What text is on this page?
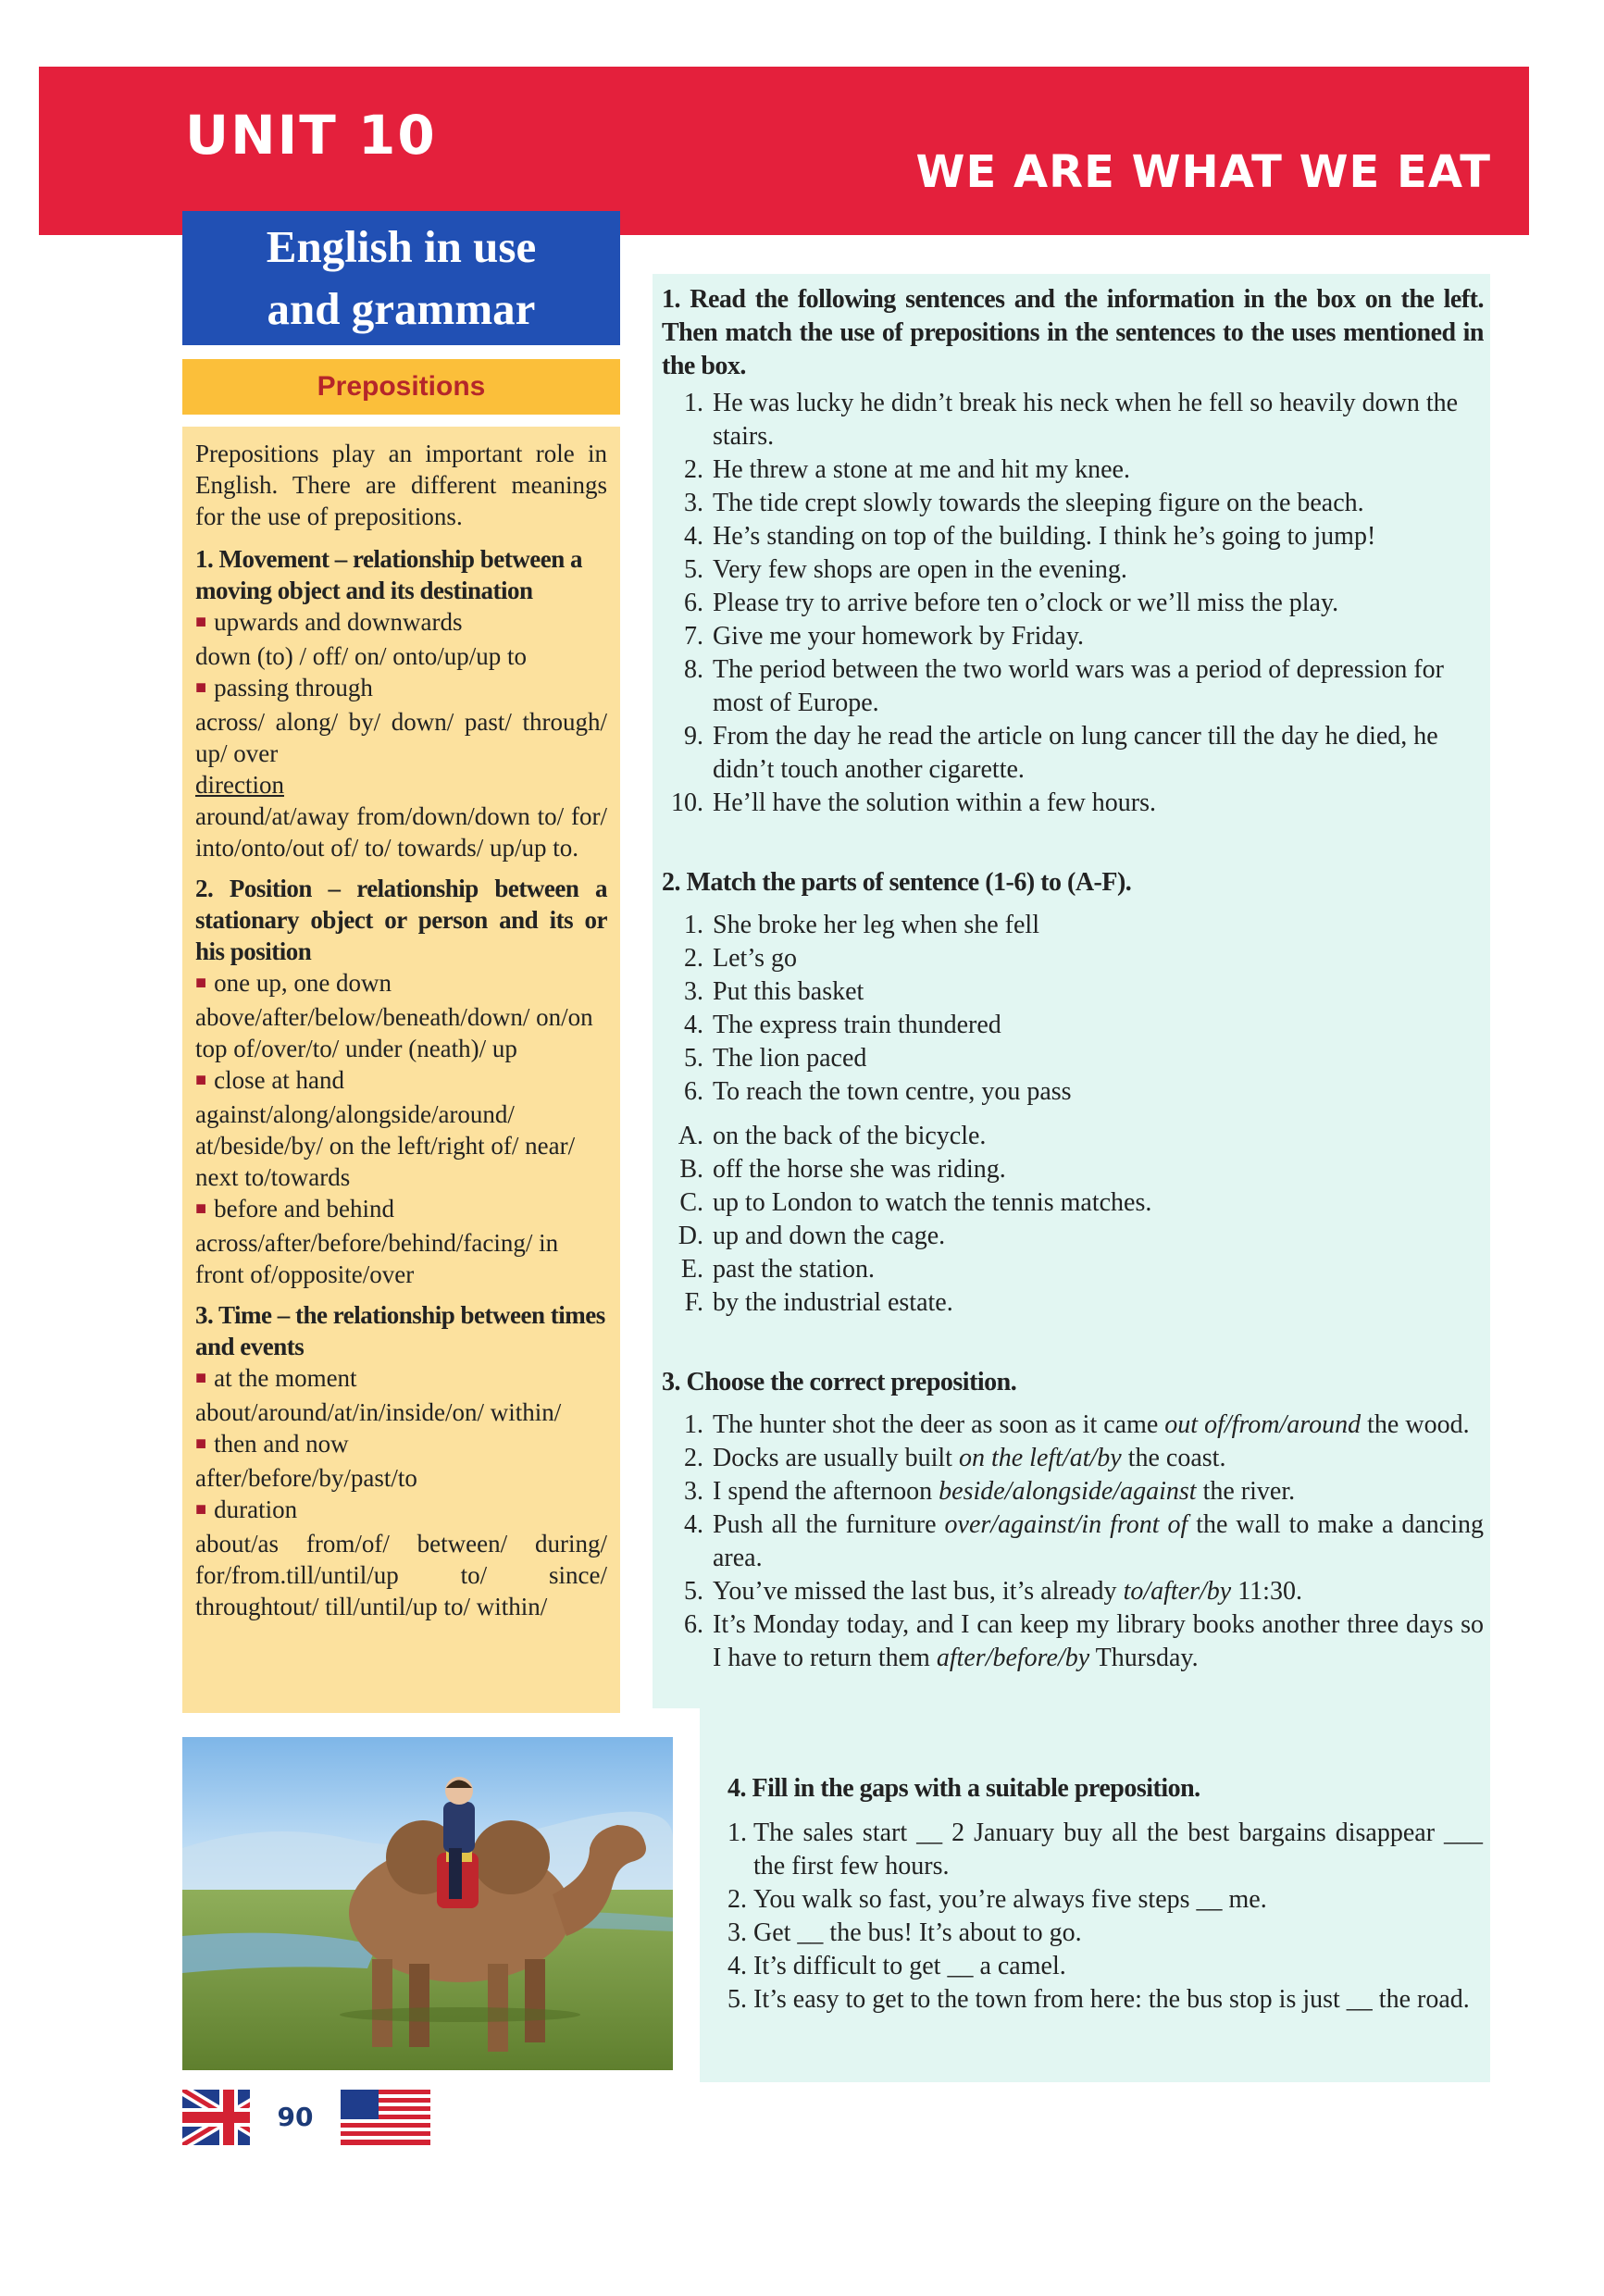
UNIT 10
WE ARE WHAT WE EAT
English in use
and grammar
Prepositions

Prepositions play an important role in English. There are different meanings for the use of prepositions.

1. Movement – relationship between a moving object and its destination

■ upwards and downwards

down (to) / off/ on/ onto/up/up to

■ passing through

across/ along/ by/ down/ past/ through/ up/ over

direction

around/at/away from/down/down to/ for/ into/onto/out of/ to/ towards/ up/up to.

2. Position – relationship between a stationary object or person and its or his position

■ one up, one down

above/after/below/beneath/down/ on/on top of/over/to/ under (neath)/ up

■ close at hand

against/along/alongside/around/ at/beside/by/ on the left/right of/ near/ next to/towards

■ before and behind

across/after/before/behind/facing/ in front of/opposite/over

3. Time – the relationship between times and events

■ at the moment

about/around/at/in/inside/on/ within/

■ then and now

after/before/by/past/to

■ duration

about/as from/of/ between/ during/ for/from.till/until/up to/ since/ throughtout/ till/until/up to/ within/

90

1. Read the following sentences and the information in the box on the left. Then match the use of prepositions in the sentences to the uses mentioned in the box.

1. He was lucky he didn’t break his neck when he fell so heavily down the stairs.
2. He threw a stone at me and hit my knee.
3. The tide crept slowly towards the sleeping figure on the beach.
4. He’s standing on top of the building. I think he’s going to jump!
5. Very few shops are open in the evening.
6. Please try to arrive before ten o’clock or we’ll miss the play.
7. Give me your homework by Friday.
8. The period between the two world wars was a period of depression for most of Europe.
9. From the day he read the article on lung cancer till the day he died, he didn’t touch another cigarette.
10. He’ll have the solution within a few hours.

2. Match the parts of sentence (1-6) to (A-F).

1. She broke her leg when she fell
2. Let’s go
3. Put this basket
4. The express train thundered
5. The lion paced
6. To reach the town centre, you pass
A. on the back of the bicycle.
B. off the horse she was riding.
C. up to London to watch the tennis matches.
D. up and down the cage.
E. past the station.
F. by the industrial estate.

3. Choose the correct preposition.

1. The hunter shot the deer as soon as it came out of/from/around the wood.
2. Docks are usually built on the left/at/by the coast.
3. I spend the afternoon beside/alongside/against the river.
4. Push all the furniture over/against/in front of the wall to make a dancing area.
5. You’ve missed the last bus, it’s already to/after/by 11:30.
6. It’s Monday today, and I can keep my library books another three days so I have to return them after/before/by Thursday.

4. Fill in the gaps with a suitable preposition.

1. The sales start __ 2 January buy all the best bargains disappear ___ the first few hours.
2. You walk so fast, you’re always five steps __ me.
3. Get __ the bus! It’s about to go.
4. It’s difficult to get __ a camel.
5. It’s easy to get to the town from here: the bus stop is just __ the road.
